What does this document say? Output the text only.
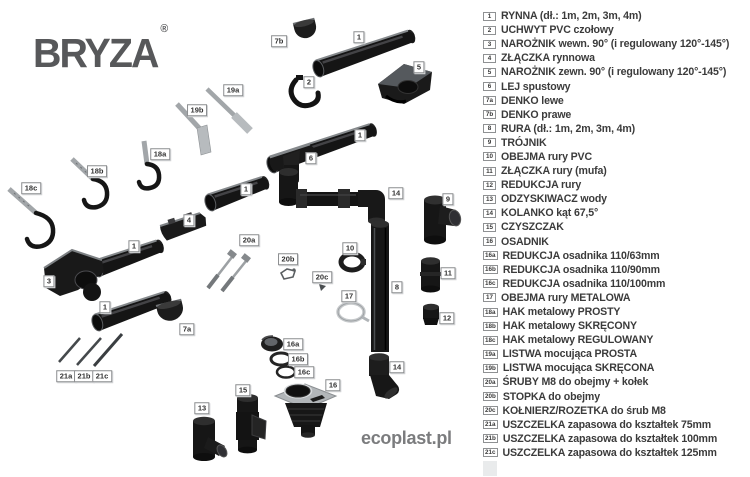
BRYZA®
7b	1
5
2
19a
19b
1
18a	6
18b
18c	1	14
9
4
20a
1	10
20b
11
20c
3
8
17
1
12
7a
16a
16b
16c
14
21a 21b 21c
16
15
13
ecoplast.pl
1 RYNNA (dł.: 1m, 2m, 3m, 4m)
2 UCHWYT PVC czołowy
3 NAROŻNIK wewn. 90° (i regulowany 120°-145°)
4 ZŁĄCZKA rynnowa
5 NAROŻNIK zewn. 90° (i regulowany 120°-145°)
6 LEJ spustowy
7a DENKO lewe
7b DENKO prawe
8 RURA (dł.: 1m, 2m, 3m, 4m)
9 TRÓJNIK
10 OBEJMA rury PVC
11 ZŁĄCZKA rury (mufa)
12 REDUKCJA rury
13 ODZYSKIWACZ wody
14 KOLANKO kąt 67,5°
15 CZYSZCZAK
16 OSADNIK
16a REDUKCJA osadnika 110/63mm
16b REDUKCJA osadnika 110/90mm
16c REDUKCJA osadnika 110/100mm
17 OBEJMA rury METALOWA
18a HAK metalowy PROSTY
18b HAK metalowy SKRĘCONY
18c HAK metalowy REGULOWANY
19a LISTWA mocująca PROSTA
19b LISTWA mocująca SKRĘCONA
20a ŚRUBY M8 do obejmy + kołek
20b STOPKA do obejmy
20c KOŁNIERZ/ROZETKA do śrub M8
21a USZCZELKA zapasowa do kształtek 75mm
21b USZCZELKA zapasowa do kształtek 100mm
21c USZCZELKA zapasowa do kształtek 125mm
